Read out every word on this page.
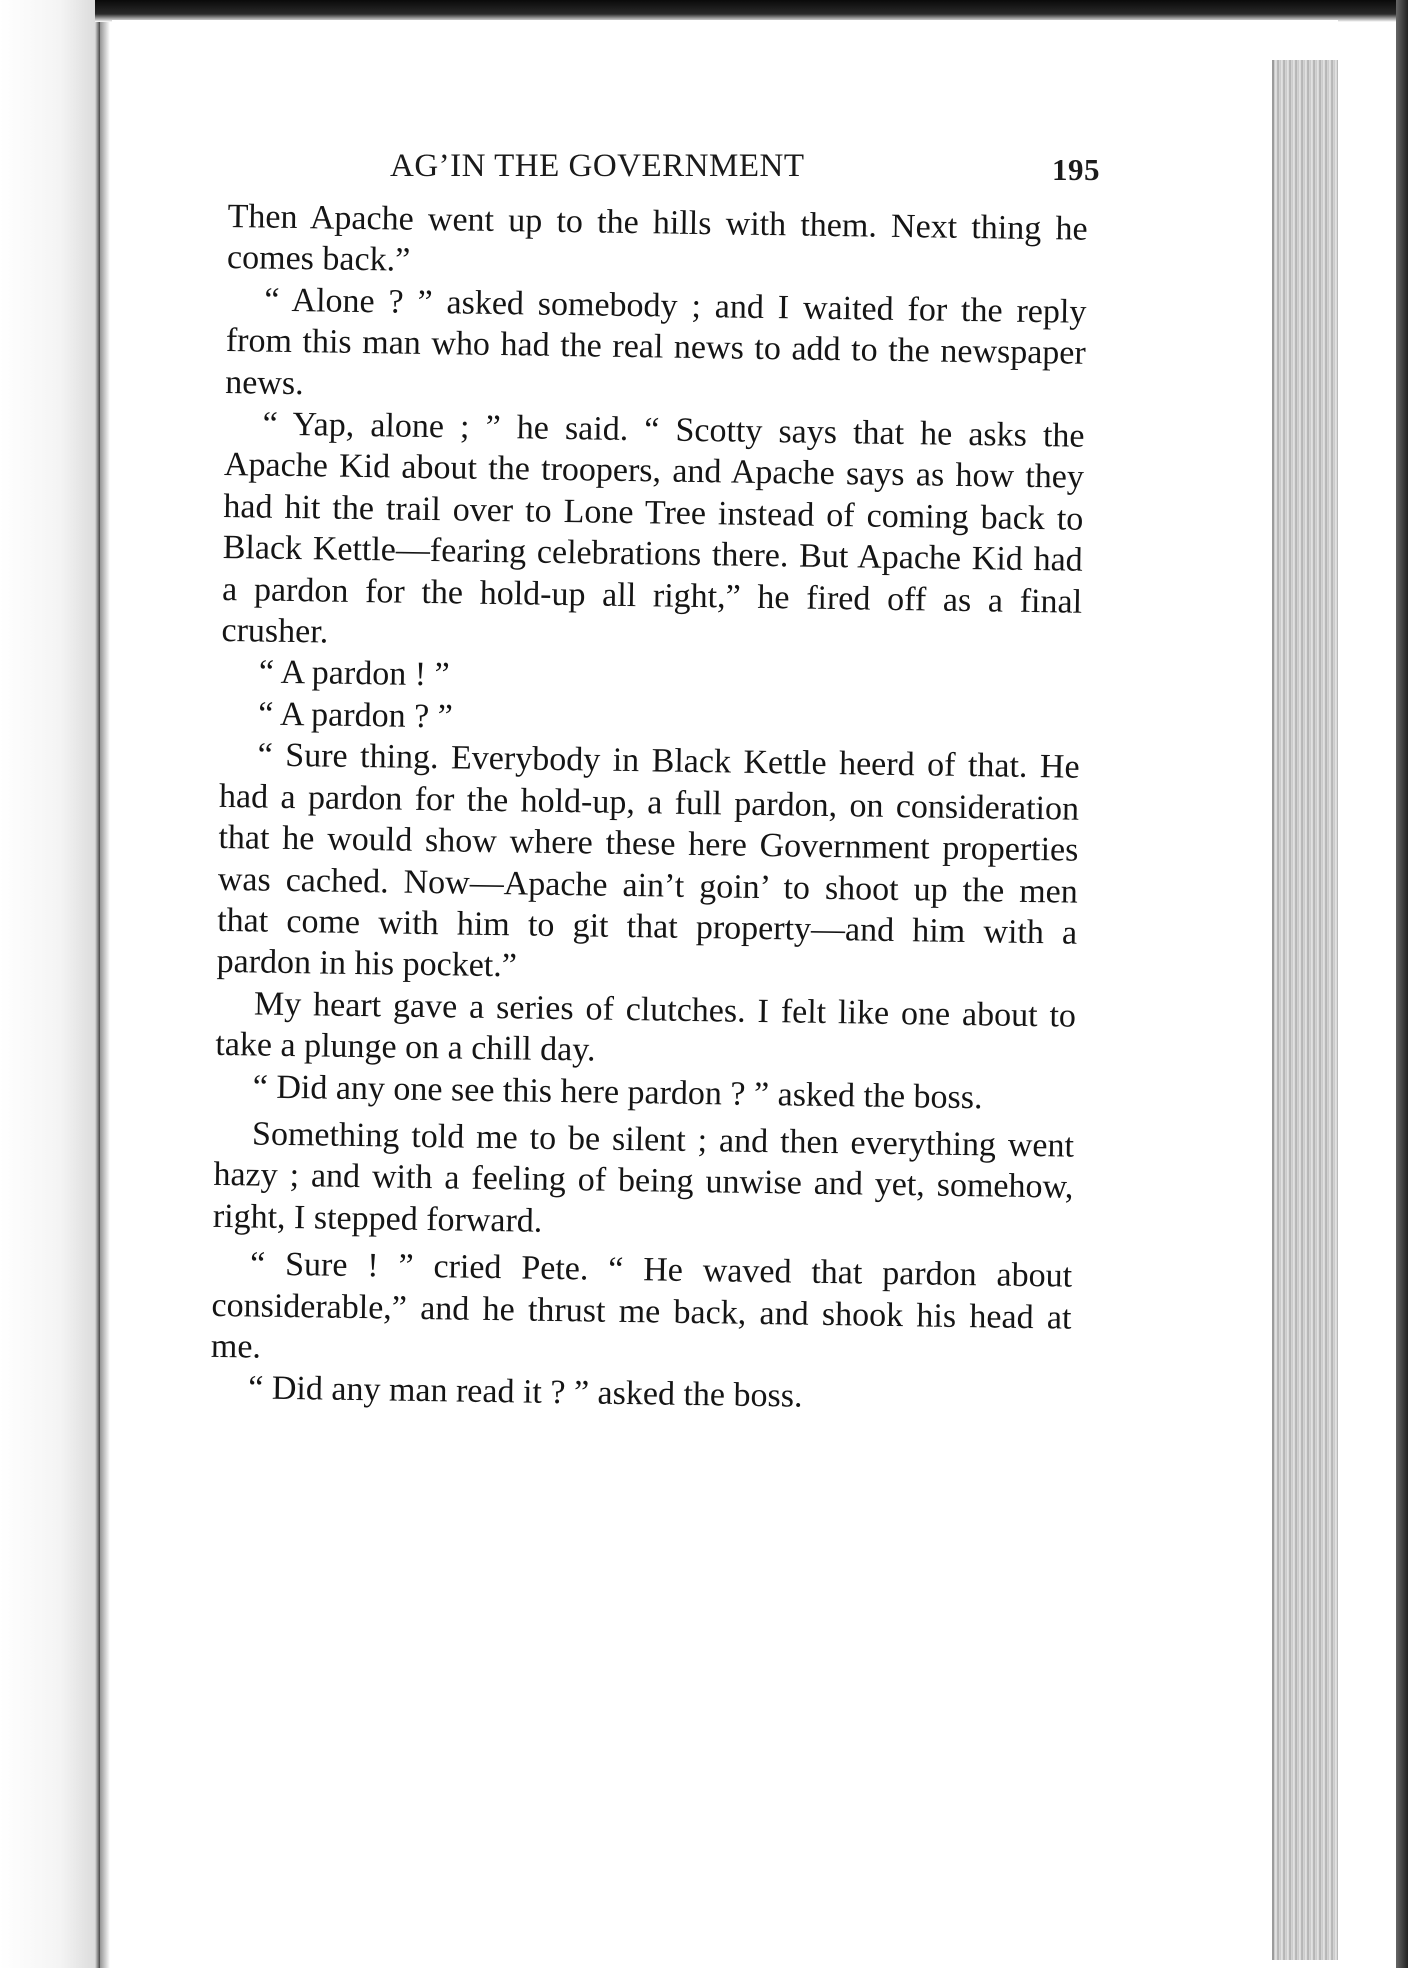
AG’IN THE GOVERNMENT	195

Then Apache went up to the hills with them. Next thing he comes back.”

“ Alone ? ” asked somebody ; and I waited for the reply from this man who had the real news to add to the newspaper news.

“ Yap, alone ; ” he said. “ Scotty says that he asks the Apache Kid about the troopers, and Apache says as how they had hit the trail over to Lone Tree instead of coming back to Black Kettle—fearing celebrations there. But Apache Kid had a pardon for the hold-up all right,” he fired off as a final crusher.

“ A pardon ! ”

“ A pardon ? ”

“ Sure thing. Everybody in Black Kettle heerd of that. He had a pardon for the hold-up, a full pardon, on consideration that he would show where these here Government properties was cached. Now—Apache ain’t goin’ to shoot up the men that come with him to git that property—and him with a pardon in his pocket.”

My heart gave a series of clutches. I felt like one about to take a plunge on a chill day.

“ Did any one see this here pardon ? ” asked the boss.

Something told me to be silent ; and then everything went hazy ; and with a feeling of being unwise and yet, somehow, right, I stepped forward.

“ Sure ! ” cried Pete. “ He waved that pardon about considerable,” and he thrust me back, and shook his head at me.

“ Did any man read it ? ” asked the boss.
